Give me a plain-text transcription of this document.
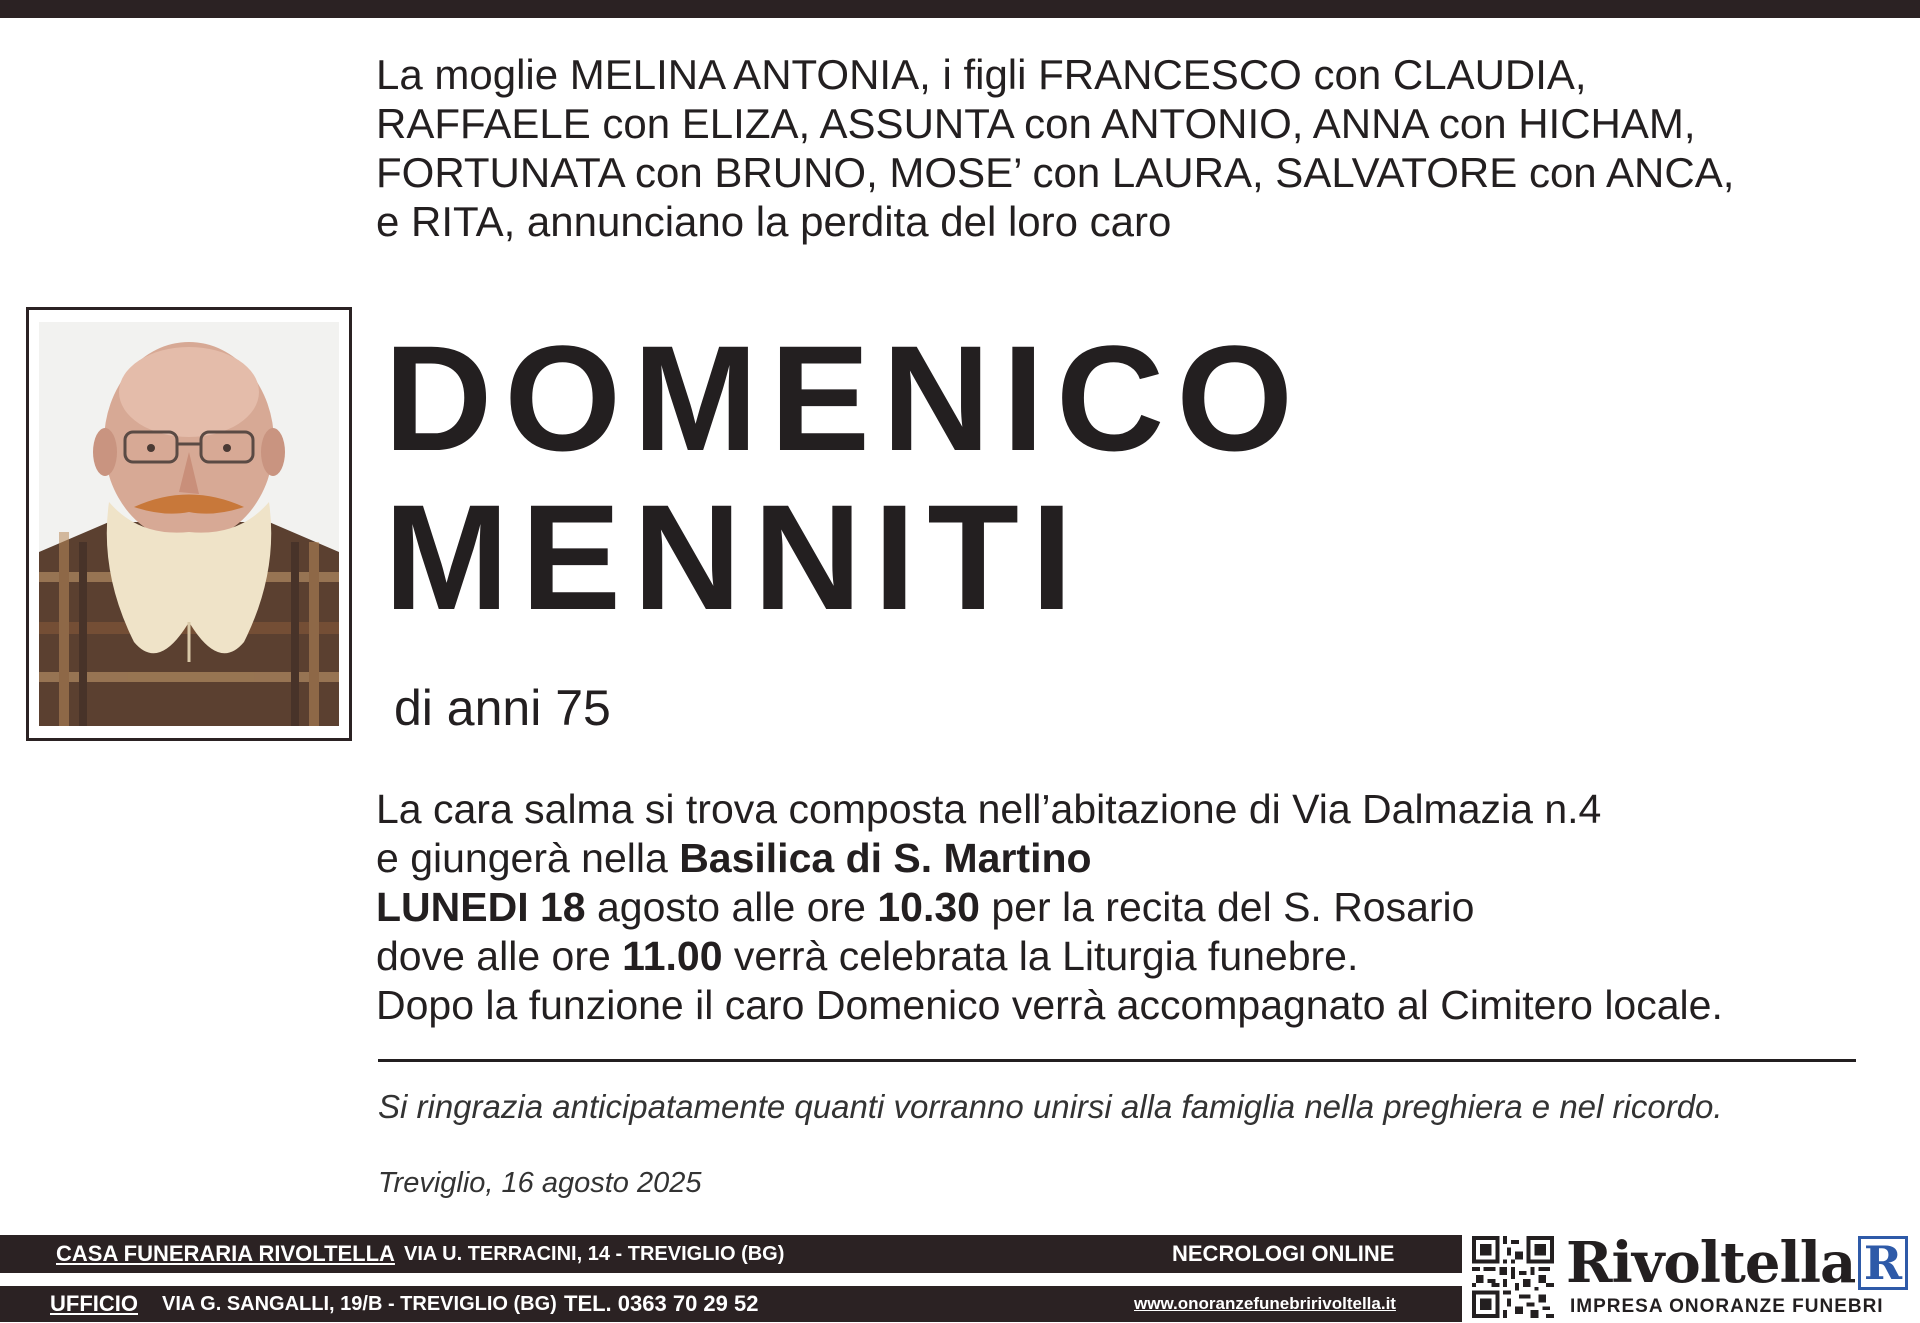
La moglie MELINA ANTONIA, i figli FRANCESCO con CLAUDIA,
RAFFAELE con ELIZA, ASSUNTA con ANTONIO, ANNA con HICHAM,
FORTUNATA con BRUNO, MOSE’ con LAURA, SALVATORE con ANCA,
e RITA, annunciano la perdita del loro caro
DOMENICO
MENNITI
di anni 75
La cara salma si trova composta nell’abitazione di Via Dalmazia n.4
e giungerà nella Basilica di S. Martino
LUNEDI 18 agosto alle ore 10.30 per la recita del S. Rosario
dove alle ore 11.00 verrà celebrata la Liturgia funebre.
Dopo la funzione il caro Domenico verrà accompagnato al Cimitero locale.
Si ringrazia anticipatamente quanti vorranno unirsi alla famiglia nella preghiera e nel ricordo.
Treviglio, 16 agosto 2025
CASA FUNERARIA RIVOLTELLA VIA U. TERRACINI, 14 - TREVIGLIO (BG)	NECROLOGI ONLINE
UFFICIO VIA G. SANGALLI, 19/B - TREVIGLIO (BG) TEL. 0363 70 29 52	www.onoranzefunebririvoltella.it
Rivoltella R
IMPRESA ONORANZE FUNEBRI
